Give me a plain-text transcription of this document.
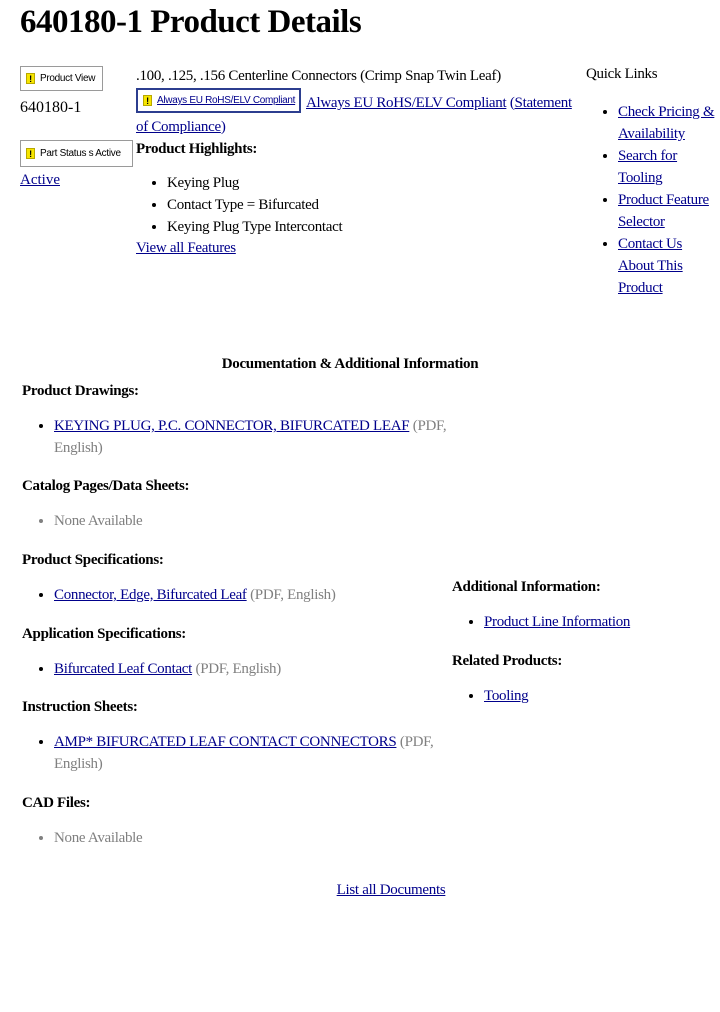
640180-1 Product Details
! Product View
640180-1
! Part Status s Active
Active
! Always EU RoHS/ELV Compliant
.100, .125, .156 Centerline Connectors (Crimp Snap Twin Leaf)
Always EU RoHS/ELV Compliant (Statement of Compliance)
Product Highlights:
• Keying Plug
• Contact Type = Bifurcated
• Keying Plug Type Intercontact
View all Features
Quick Links
• Check Pricing & Availability
• Search for Tooling
• Product Feature Selector
• Contact Us About This Product
Documentation & Additional Information
Product Drawings:
• KEYING PLUG, P.C. CONNECTOR, BIFURCATED LEAF (PDF, English)
Catalog Pages/Data Sheets:
• None Available
Product Specifications:
• Connector, Edge, Bifurcated Leaf (PDF, English)
Application Specifications:
• Bifurcated Leaf Contact (PDF, English)
Instruction Sheets:
• AMP* BIFURCATED LEAF CONTACT CONNECTORS (PDF, English)
CAD Files:
• None Available
Additional Information:
• Product Line Information
Related Products:
• Tooling
List all Documents
